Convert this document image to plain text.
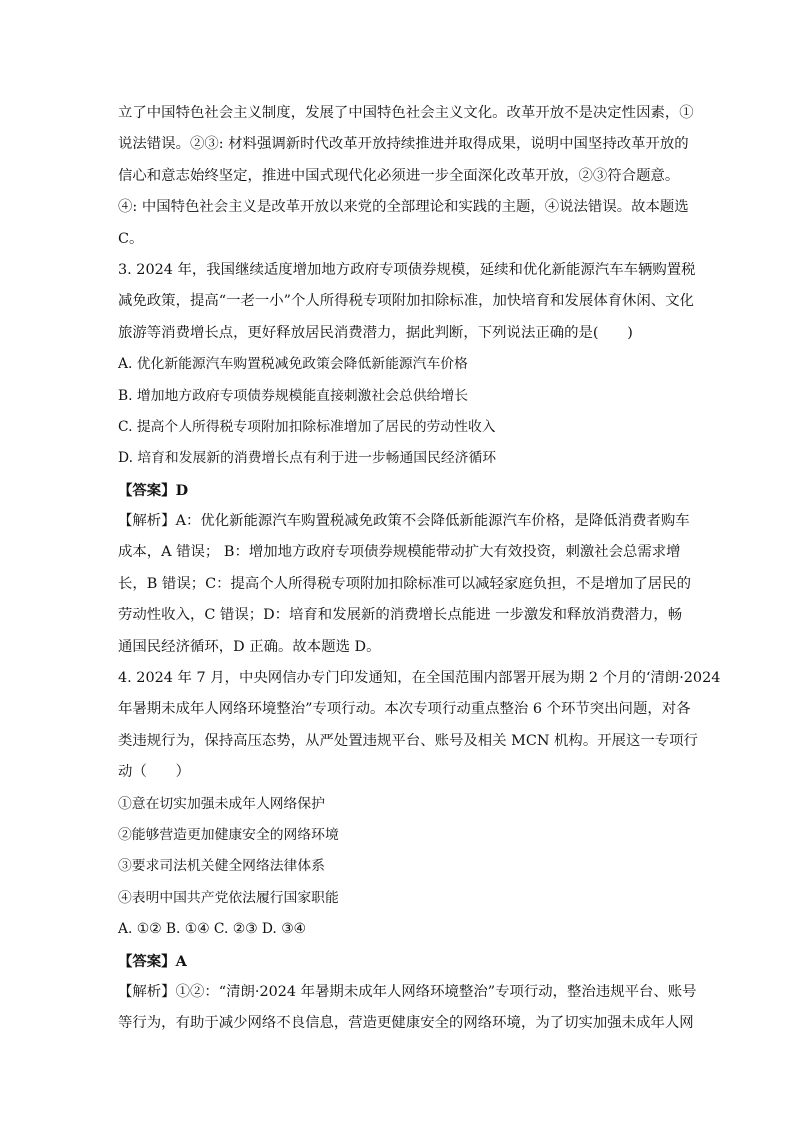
立了中国特色社会主义制度，发展了中国特色社会主义文化。改革开放不是决定性因素，①
说法错误。②③: 材料强调新时代改革开放持续推进并取得成果，说明中国坚持改革开放的
信心和意志始终坚定，推进中国式现代化必须进一步全面深化改革开放，②③符合题意。
④: 中国特色社会主义是改革开放以来党的全部理论和实践的主题，④说法错误。故本题选
C。
3. 2024 年，我国继续适度增加地方政府专项债券规模，延续和优化新能源汽车车辆购置税
减免政策，提高“一老一小”个人所得税专项附加扣除标准，加快培育和发展体育休闲、文化
旅游等消费增长点，更好释放居民消费潜力，据此判断，下列说法正确的是(　　)
A. 优化新能源汽车购置税减免政策会降低新能源汽车价格
B. 增加地方政府专项债券规模能直接刺激社会总供给增长
C. 提高个人所得税专项附加扣除标准增加了居民的劳动性收入
D. 培育和发展新的消费增长点有利于进一步畅通国民经济循环
【答案】D
【解析】A：优化新能源汽车购置税减免政策不会降低新能源汽车价格，是降低消费者购车
成本，A 错误； B：增加地方政府专项债券规模能带动扩大有效投资，刺激社会总需求增
长，B 错误；C：提高个人所得税专项附加扣除标准可以减轻家庭负担，不是增加了居民的
劳动性收入，C 错误；D：培育和发展新的消费增长点能进 一步激发和释放消费潜力，畅
通国民经济循环，D 正确。故本题选 D。
4. 2024 年 7 月，中央网信办专门印发通知，在全国范围内部署开展为期 2 个月的‘清朗·2024
年暑期未成年人网络环境整治”专项行动。本次专项行动重点整治 6 个环节突出问题，对各
类违规行为，保持高压态势，从严处置违规平台、账号及相关 MCN 机构。开展这一专项行
动（　　）
①意在切实加强未成年人网络保护
②能够营造更加健康安全的网络环境
③要求司法机关健全网络法律体系
④表明中国共产党依法履行国家职能
A. ①② B. ①④ C. ②③ D. ③④
【答案】A
【解析】①②：“清朗·2024 年暑期未成年人网络环境整治”专项行动，整治违规平台、账号
等行为，有助于减少网络不良信息，营造更健康安全的网络环境，为了切实加强未成年人网
